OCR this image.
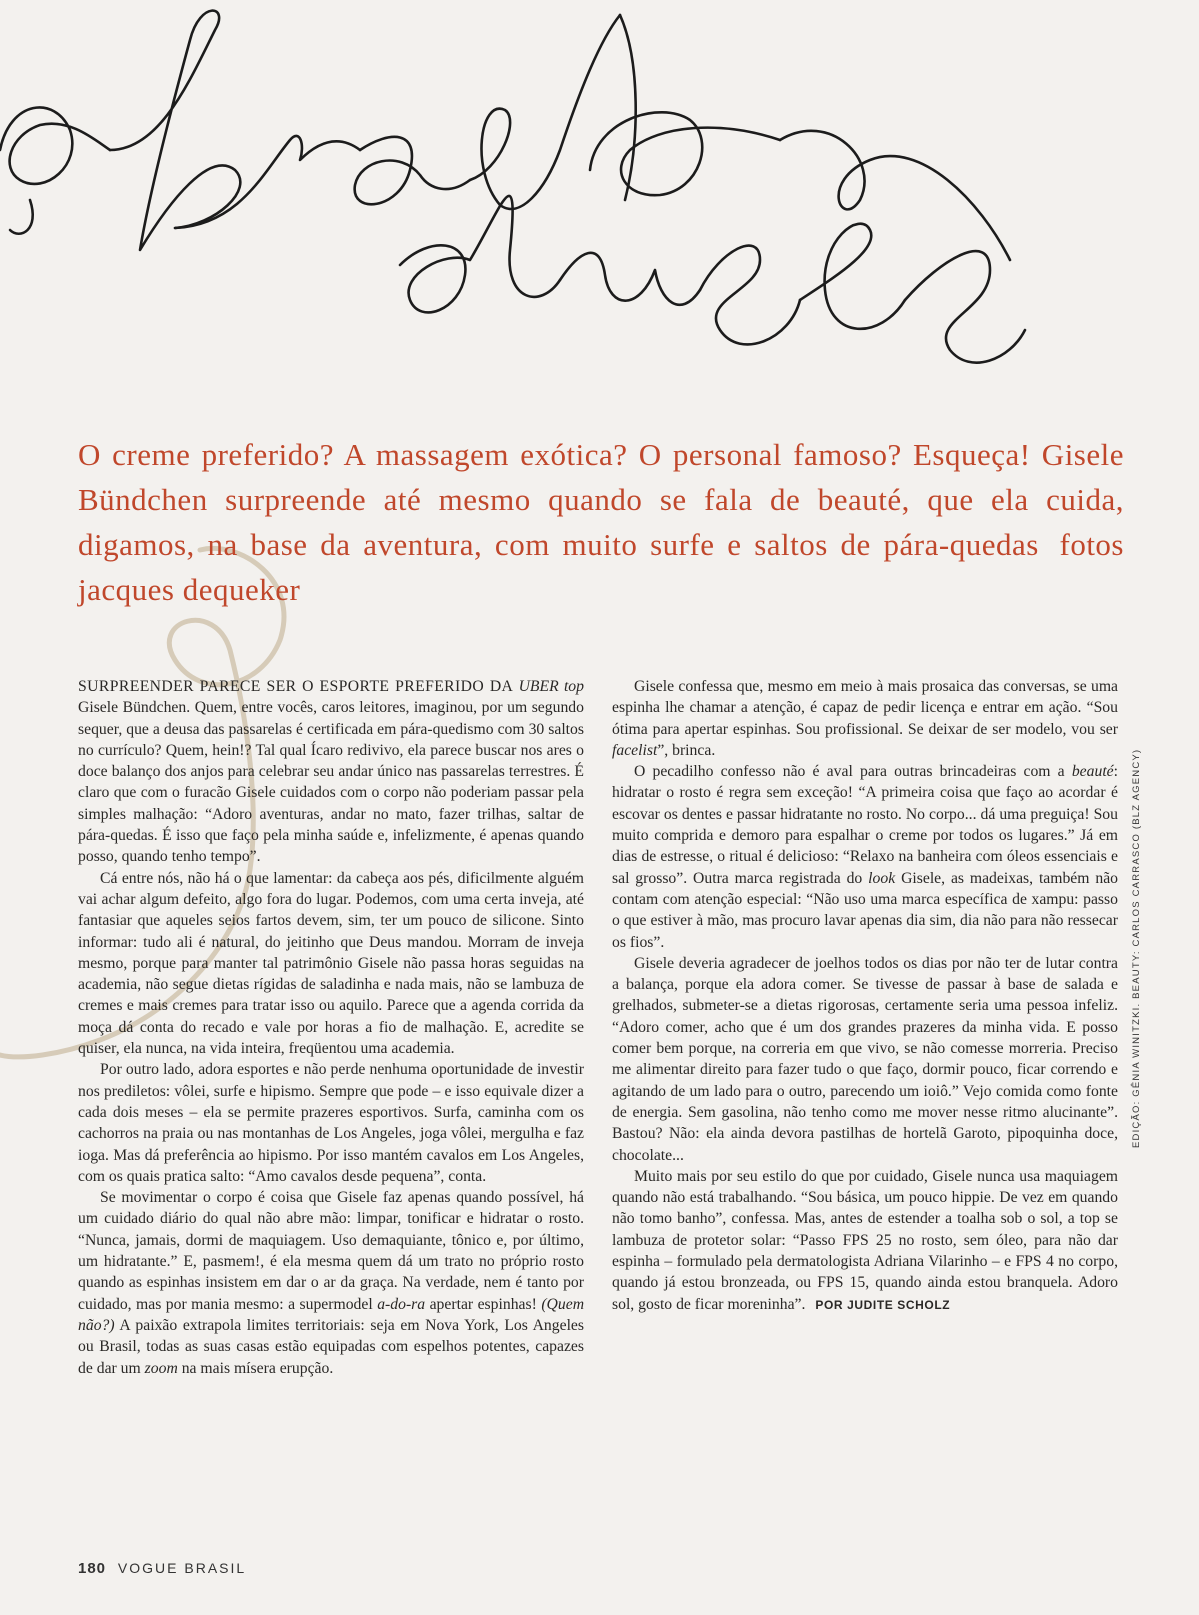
O creme preferido? A massagem exótica? O personal famoso? Esqueça! Gisele Bündchen surpreende até mesmo quando se fala de beauté, que ela cuida, digamos, na base da aventura, com muito surfe e saltos de pára-quedas fotos jacques dequeker

SURPREENDER PARECE SER O ESPORTE PREFERIDO DA UBER top Gisele Bündchen. Quem, entre vocês, caros leitores, imaginou, por um segundo sequer, que a deusa das passarelas é certificada em pára-quedismo com 30 saltos no currículo? Quem, hein!? Tal qual Ícaro redivivo, ela parece buscar nos ares o doce balanço dos anjos para celebrar seu andar único nas passarelas terrestres. É claro que com o furacão Gisele cuidados com o corpo não poderiam passar pela simples malhação: “Adoro aventuras, andar no mato, fazer trilhas, saltar de pára-quedas. É isso que faço pela minha saúde e, infelizmente, é apenas quando posso, quando tenho tempo”.

Cá entre nós, não há o que lamentar: da cabeça aos pés, dificilmente alguém vai achar algum defeito, algo fora do lugar. Podemos, com uma certa inveja, até fantasiar que aqueles seios fartos devem, sim, ter um pouco de silicone. Sinto informar: tudo ali é natural, do jeitinho que Deus mandou. Morram de inveja mesmo, porque para manter tal patrimônio Gisele não passa horas seguidas na academia, não segue dietas rígidas de saladinha e nada mais, não se lambuza de cremes e mais cremes para tratar isso ou aquilo. Parece que a agenda corrida da moça dá conta do recado e vale por horas a fio de malhação. E, acredite se quiser, ela nunca, na vida inteira, freqüentou uma academia.

Por outro lado, adora esportes e não perde nenhuma oportunidade de investir nos prediletos: vôlei, surfe e hipismo. Sempre que pode – e isso equivale dizer a cada dois meses – ela se permite prazeres esportivos. Surfa, caminha com os cachorros na praia ou nas montanhas de Los Angeles, joga vôlei, mergulha e faz ioga. Mas dá preferência ao hipismo. Por isso mantém cavalos em Los Angeles, com os quais pratica salto: “Amo cavalos desde pequena”, conta.

Se movimentar o corpo é coisa que Gisele faz apenas quando possível, há um cuidado diário do qual não abre mão: limpar, tonificar e hidratar o rosto. “Nunca, jamais, dormi de maquiagem. Uso demaquiante, tônico e, por último, um hidratante.” E, pasmem!, é ela mesma quem dá um trato no próprio rosto quando as espinhas insistem em dar o ar da graça. Na verdade, nem é tanto por cuidado, mas por mania mesmo: a supermodel a-do-ra apertar espinhas! (Quem não?) A paixão extrapola limites territoriais: seja em Nova York, Los Angeles ou Brasil, todas as suas casas estão equipadas com espelhos potentes, capazes de dar um zoom na mais mísera erupção.

Gisele confessa que, mesmo em meio à mais prosaica das conversas, se uma espinha lhe chamar a atenção, é capaz de pedir licença e entrar em ação. “Sou ótima para apertar espinhas. Sou profissional. Se deixar de ser modelo, vou ser facelist”, brinca.

O pecadilho confesso não é aval para outras brincadeiras com a beauté: hidratar o rosto é regra sem exceção! “A primeira coisa que faço ao acordar é escovar os dentes e passar hidratante no rosto. No corpo... dá uma preguiça! Sou muito comprida e demoro para espalhar o creme por todos os lugares.” Já em dias de estresse, o ritual é delicioso: “Relaxo na banheira com óleos essenciais e sal grosso”. Outra marca registrada do look Gisele, as madeixas, também não contam com atenção especial: “Não uso uma marca específica de xampu: passo o que estiver à mão, mas procuro lavar apenas dia sim, dia não para não ressecar os fios”.

Gisele deveria agradecer de joelhos todos os dias por não ter de lutar contra a balança, porque ela adora comer. Se tivesse de passar à base de salada e grelhados, submeter-se a dietas rigorosas, certamente seria uma pessoa infeliz. “Adoro comer, acho que é um dos grandes prazeres da minha vida. E posso comer bem porque, na correria em que vivo, se não comesse morreria. Preciso me alimentar direito para fazer tudo o que faço, dormir pouco, ficar correndo e agitando de um lado para o outro, parecendo um ioiô.” Vejo comida como fonte de energia. Sem gasolina, não tenho como me mover nesse ritmo alucinante”. Bastou? Não: ela ainda devora pastilhas de hortelã Garoto, pipoquinha doce, chocolate...

Muito mais por seu estilo do que por cuidado, Gisele nunca usa maquiagem quando não está trabalhando. “Sou básica, um pouco hippie. De vez em quando não tomo banho”, confessa. Mas, antes de estender a toalha sob o sol, a top se lambuza de protetor solar: “Passo FPS 25 no rosto, sem óleo, para não dar espinha – formulado pela dermatologista Adriana Vilarinho – e FPS 4 no corpo, quando já estou bronzeada, ou FPS 15, quando ainda estou branquela. Adoro sol, gosto de ficar moreninha”. POR JUDITE SCHOLZ

180 VOGUE BRASIL
EDIÇÃO: GÊNIA WINITZKI. BEAUTY: CARLOS CARRASCO (BLZ AGENCY)
